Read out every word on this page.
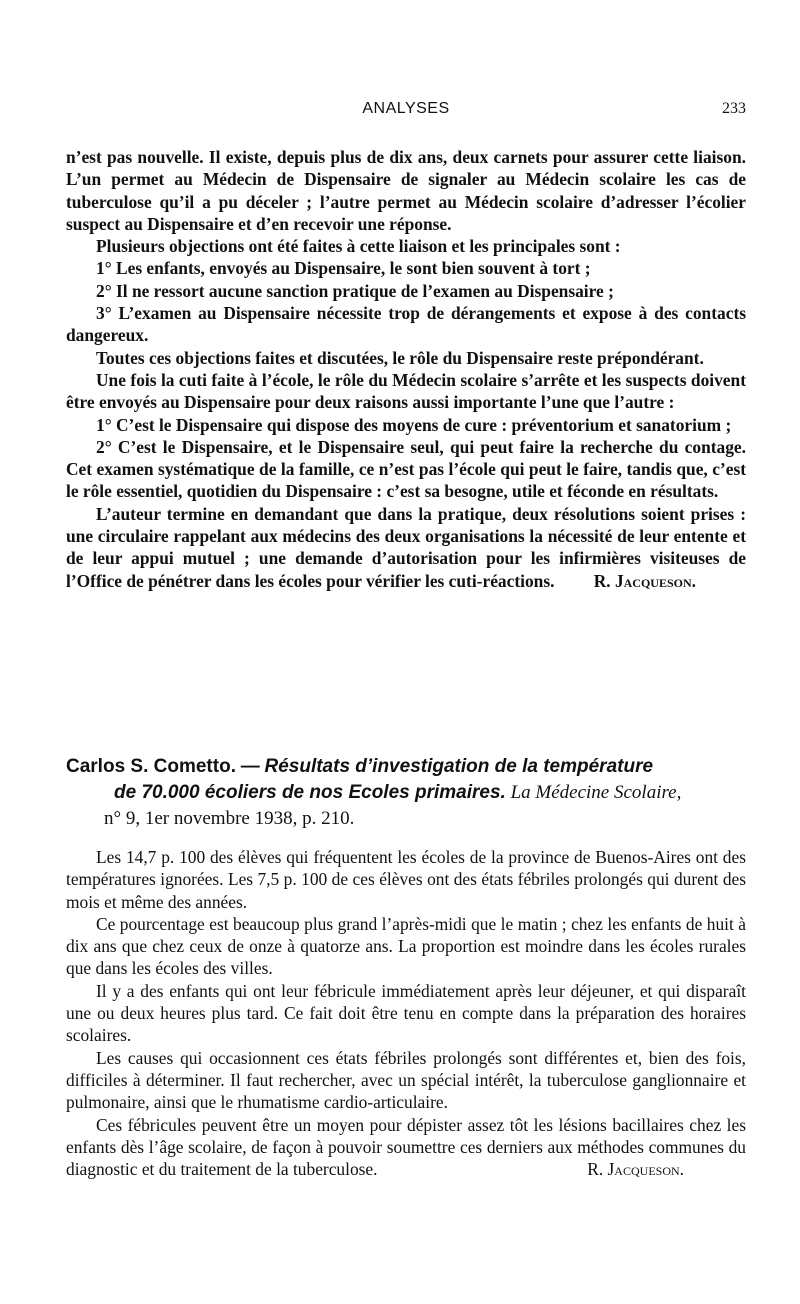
ANALYSES	233

n’est pas nouvelle. Il existe, depuis plus de dix ans, deux carnets pour assurer cette liaison. L’un permet au Médecin de Dispensaire de signaler au Médecin scolaire les cas de tuberculose qu’il a pu déceler ; l’autre permet au Médecin scolaire d’adresser l’écolier suspect au Dispensaire et d’en recevoir une réponse.

Plusieurs objections ont été faites à cette liaison et les principales sont :

1° Les enfants, envoyés au Dispensaire, le sont bien souvent à tort ;

2° Il ne ressort aucune sanction pratique de l’examen au Dispensaire ;

3° L’examen au Dispensaire nécessite trop de dérangements et expose à des contacts dangereux.

Toutes ces objections faites et discutées, le rôle du Dispensaire reste prépondérant.

Une fois la cuti faite à l’école, le rôle du Médecin scolaire s’arrête et les suspects doivent être envoyés au Dispensaire pour deux raisons aussi importante l’une que l’autre :

1° C’est le Dispensaire qui dispose des moyens de cure : préventorium et sanatorium ;

2° C’est le Dispensaire, et le Dispensaire seul, qui peut faire la recherche du contage. Cet examen systématique de la famille, ce n’est pas l’école qui peut le faire, tandis que, c’est le rôle essentiel, quotidien du Dispensaire : c’est sa besogne, utile et féconde en résultats.

L’auteur termine en demandant que dans la pratique, deux résolutions soient prises : une circulaire rappelant aux médecins des deux organisations la nécessité de leur entente et de leur appui mutuel ; une demande d’autorisation pour les infirmières visiteuses de l’Office de pénétrer dans les écoles pour vérifier les cuti-réactions.	R. Jacqueson.

Carlos S. Cometto. — Résultats d’investigation de la température
de 70.000 écoliers de nos Ecoles primaires. La Médecine Scolaire,
n° 9, 1er novembre 1938, p. 210.

Les 14,7 p. 100 des élèves qui fréquentent les écoles de la province de Buenos-Aires ont des températures ignorées. Les 7,5 p. 100 de ces élèves ont des états fébriles prolongés qui durent des mois et même des années.

Ce pourcentage est beaucoup plus grand l’après-midi que le matin ; chez les enfants de huit à dix ans que chez ceux de onze à quatorze ans. La proportion est moindre dans les écoles rurales que dans les écoles des villes.

Il y a des enfants qui ont leur fébricule immédiatement après leur déjeuner, et qui disparaît une ou deux heures plus tard. Ce fait doit être tenu en compte dans la préparation des horaires scolaires.

Les causes qui occasionnent ces états fébriles prolongés sont différentes et, bien des fois, difficiles à déterminer. Il faut rechercher, avec un spécial intérêt, la tuberculose ganglionnaire et pulmonaire, ainsi que le rhumatisme cardio-articulaire.

Ces fébricules peuvent être un moyen pour dépister assez tôt les lésions bacillaires chez les enfants dès l’âge scolaire, de façon à pouvoir soumettre ces derniers aux méthodes communes du diagnostic et du traitement de la tuberculose.	R. Jacqueson.
